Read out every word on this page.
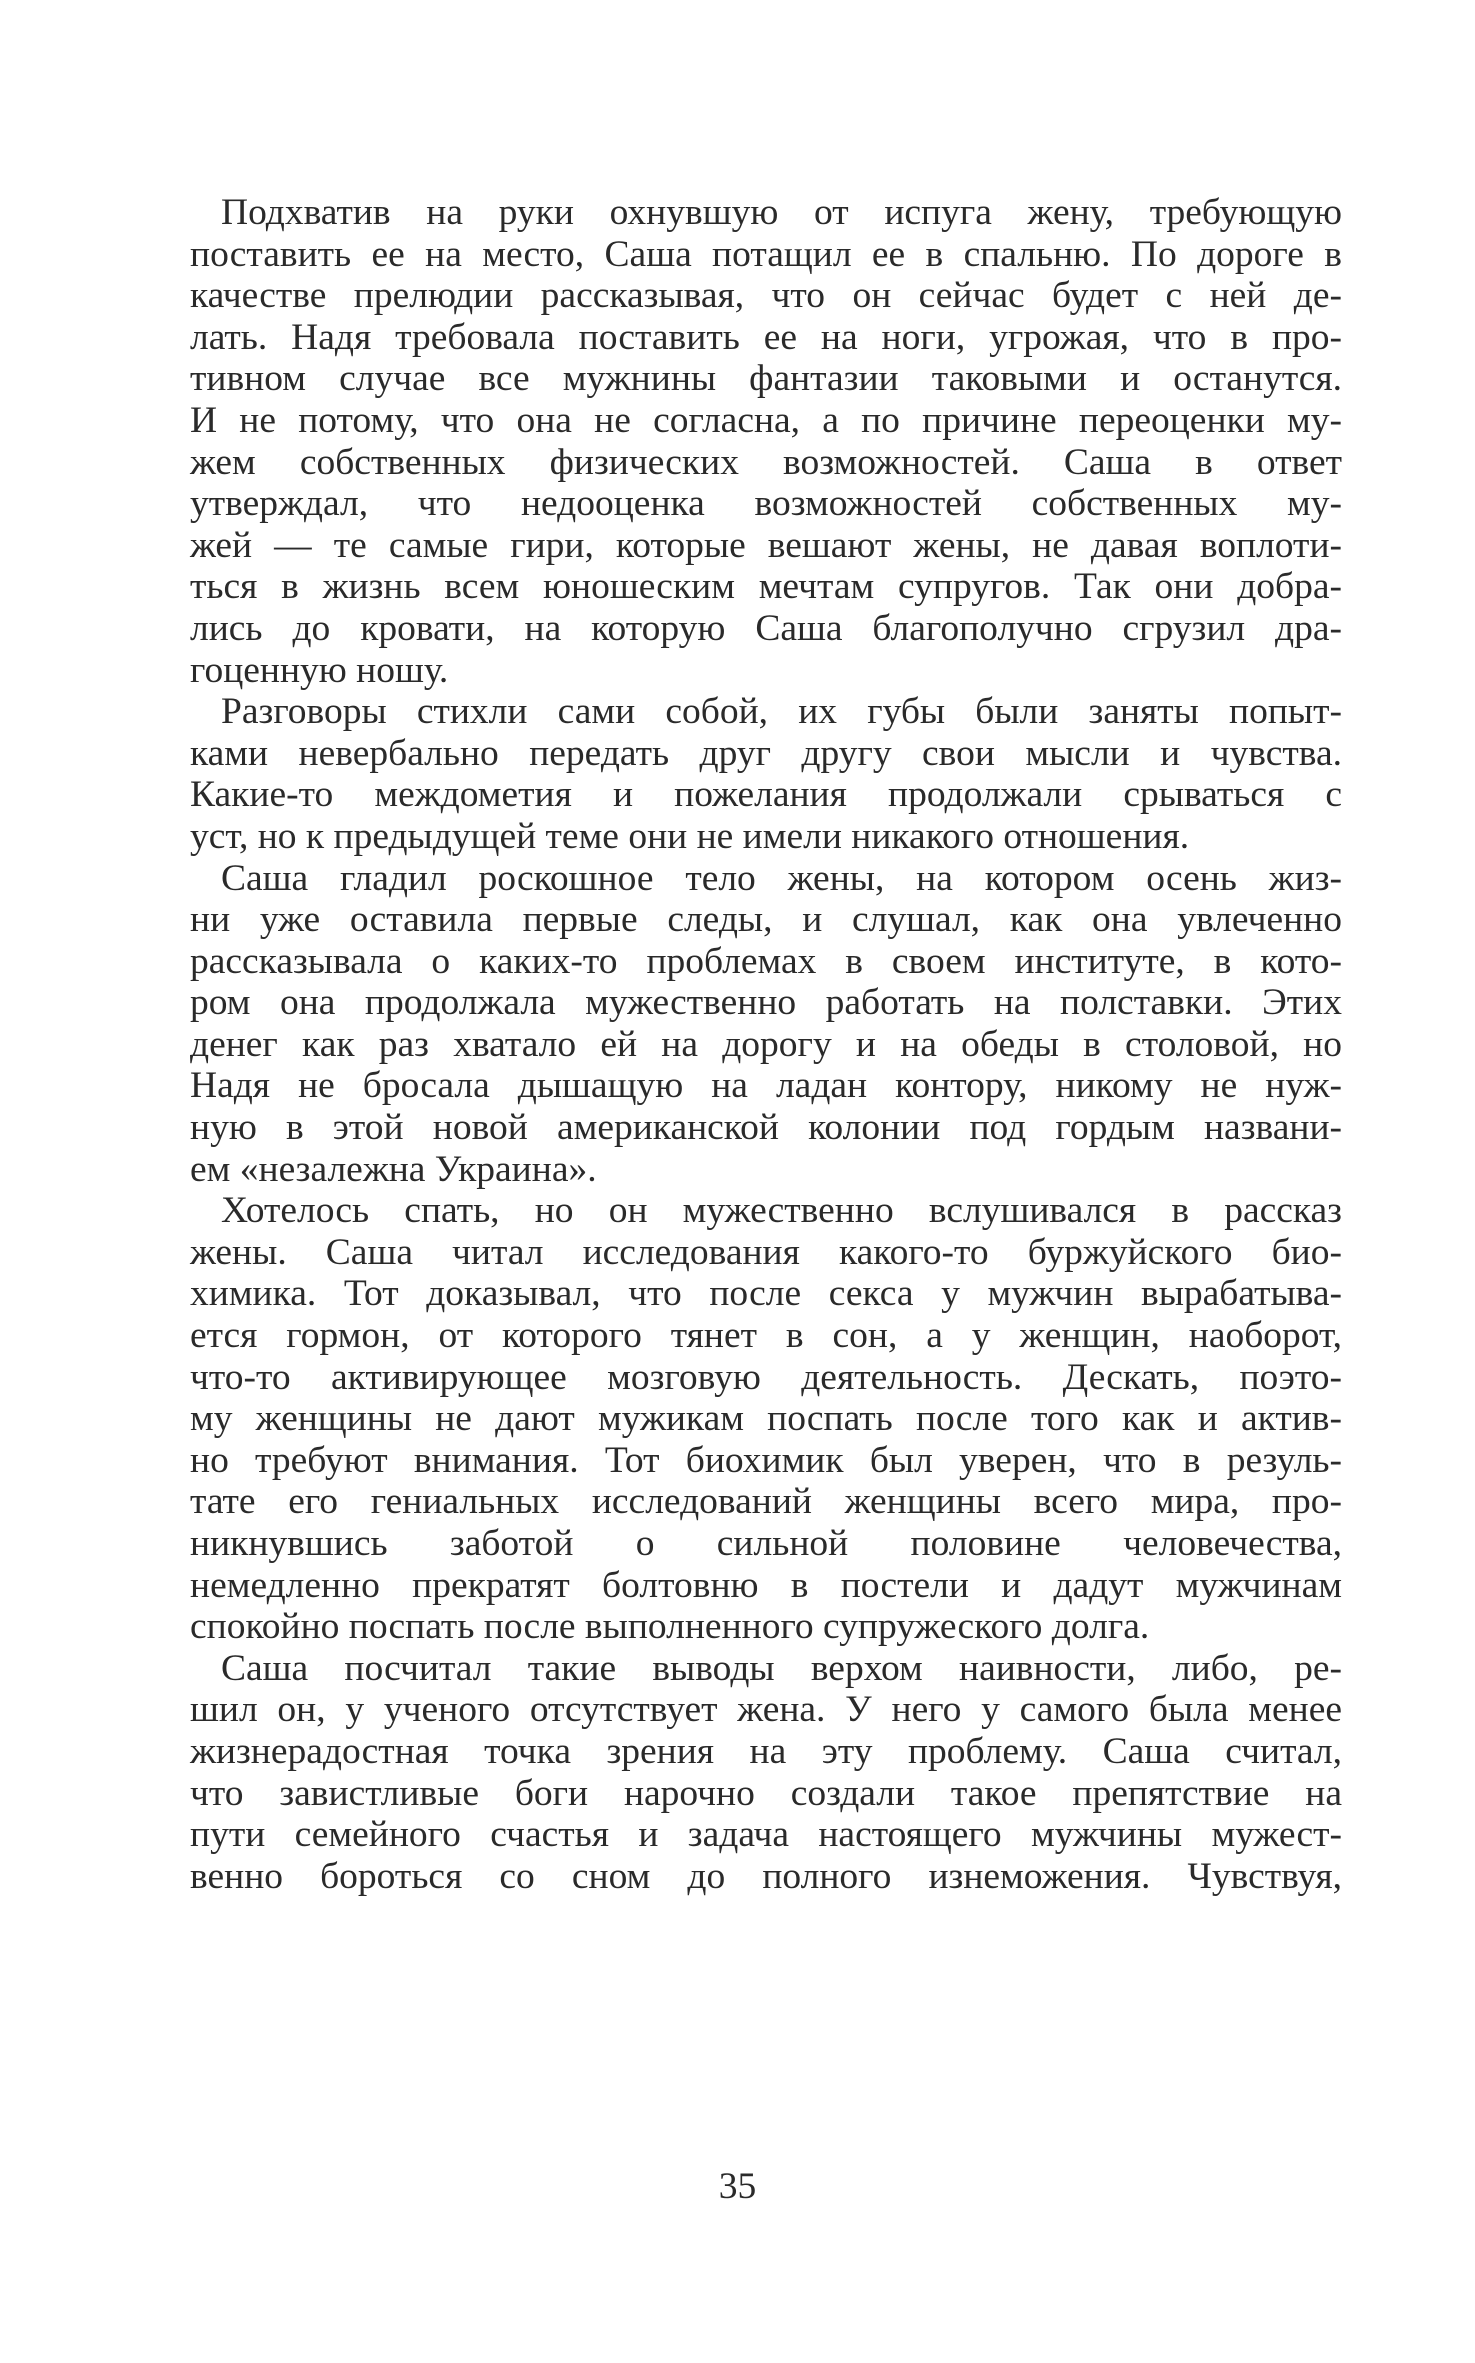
Подхватив на руки охнувшую от испуга жену, требующую
поставить ее на место, Саша потащил ее в спальню. По дороге в
качестве прелюдии рассказывая, что он сейчас будет с ней де-
лать. Надя требовала поставить ее на ноги, угрожая, что в про-
тивном случае все мужнины фантазии таковыми и останутся.
И не потому, что она не согласна, а по причине переоценки му-
жем собственных физических возможностей. Саша в ответ
утверждал, что недооценка возможностей собственных му-
жей — те самые гири, которые вешают жены, не давая воплоти-
ться в жизнь всем юношеским мечтам супругов. Так они добра-
лись до кровати, на которую Саша благополучно сгрузил дра-
гоценную ношу.
Разговоры стихли сами собой, их губы были заняты попыт-
ками невербально передать друг другу свои мысли и чувства.
Какие-то междометия и пожелания продолжали срываться с
уст, но к предыдущей теме они не имели никакого отношения.
Саша гладил роскошное тело жены, на котором осень жиз-
ни уже оставила первые следы, и слушал, как она увлеченно
рассказывала о каких-то проблемах в своем институте, в кото-
ром она продолжала мужественно работать на полставки. Этих
денег как раз хватало ей на дорогу и на обеды в столовой, но
Надя не бросала дышащую на ладан контору, никому не нуж-
ную в этой новой американской колонии под гордым названи-
ем «незалежна Украина».
Хотелось спать, но он мужественно вслушивался в рассказ
жены. Саша читал исследования какого-то буржуйского био-
химика. Тот доказывал, что после секса у мужчин вырабатыва-
ется гормон, от которого тянет в сон, а у женщин, наоборот,
что-то активирующее мозговую деятельность. Дескать, поэто-
му женщины не дают мужикам поспать после того как и актив-
но требуют внимания. Тот биохимик был уверен, что в резуль-
тате его гениальных исследований женщины всего мира, про-
никнувшись заботой о сильной половине человечества,
немедленно прекратят болтовню в постели и дадут мужчинам
спокойно поспать после выполненного супружеского долга.
Саша посчитал такие выводы верхом наивности, либо, ре-
шил он, у ученого отсутствует жена. У него у самого была менее
жизнерадостная точка зрения на эту проблему. Саша считал,
что завистливые боги нарочно создали такое препятствие на
пути семейного счастья и задача настоящего мужчины мужест-
венно бороться со сном до полного изнеможения. Чувствуя,
35
